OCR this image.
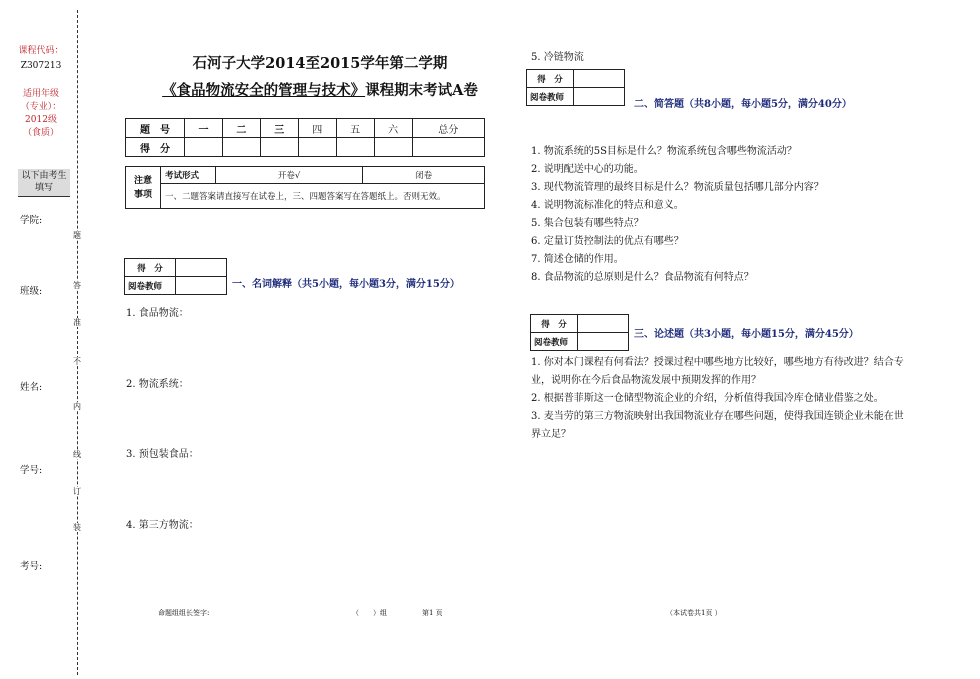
课程代码：
Z307213
适用年级
（专业）：
2012级
（食质）
以下由考生
填写
学院:
班级:
姓名:
学号:
考号:
题
答
准
不
内
线
订
装
石河子大学2014至2015学年第二学期
《食品物流安全的管理与技术》课程期末考试A卷
题　号	一	二	三	四	五	六	总分
得　分							
注意
事项
	考试形式	开卷√	闭卷
一、二题答案请直接写在试卷上，三、四题答案写在答题纸上。否则无效。
得　分	
阅卷教师		一、名词解释（共5小题，每小题3分，满分15分）
1. 食品物流：
2. 物流系统：
3. 预包装食品：
4. 第三方物流：
5. 冷链物流
得　分	
阅卷教师	
二、简答题（共8小题，每小题5分，满分40分）
1. 物流系统的5S目标是什么？物流系统包含哪些物流活动？
2. 说明配送中心的功能。
3. 现代物流管理的最终目标是什么？物流质量包括哪几部分内容？
4. 说明物流标准化的特点和意义。
5. 集合包装有哪些特点？
6. 定量订货控制法的优点有哪些？
7. 简述仓储的作用。
8. 食品物流的总原则是什么？食品物流有何特点？
得　分	
阅卷教师	
三、论述题（共3小题，每小题15分，满分45分）
1. 你对本门课程有何看法？授课过程中哪些地方比较好，哪些地方有待改进？结合专
业，说明你在今后食品物流发展中预期发挥的作用？
2. 根据普菲斯这一仓储型物流企业的介绍，分析值得我国冷库仓储业借鉴之处。
3. 麦当劳的第三方物流映射出我国物流业存在哪些问题，使得我国连锁企业未能在世
界立足？
命题组组长签字:	（　　）组	第1 页	（本试卷共1页 ）
